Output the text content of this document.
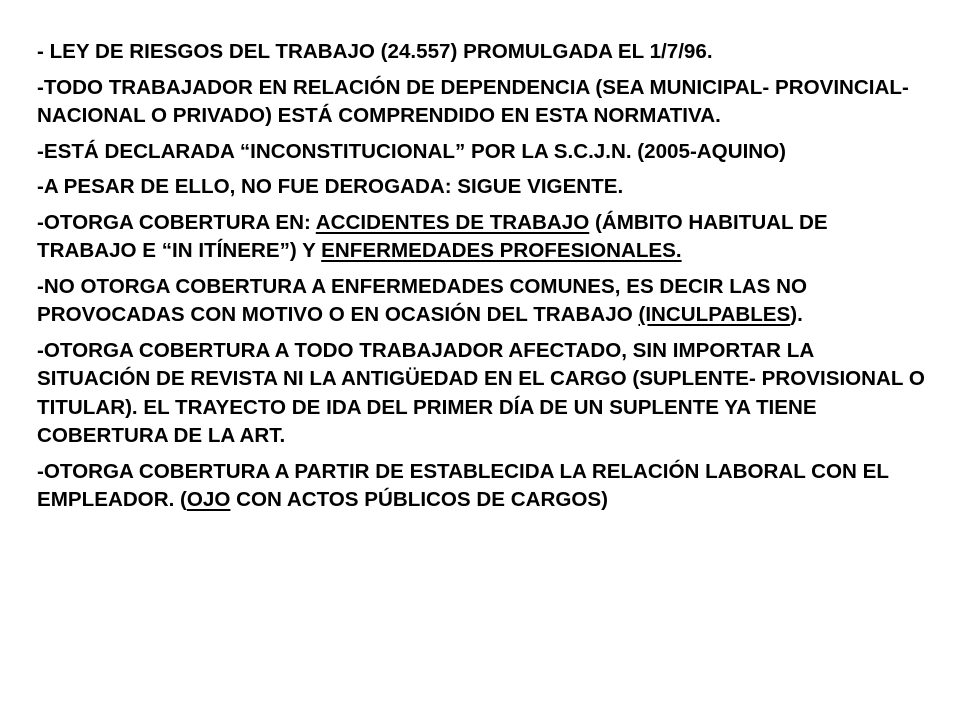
- LEY DE RIESGOS DEL TRABAJO (24.557) PROMULGADA EL 1/7/96.

-TODO TRABAJADOR EN RELACIÓN DE DEPENDENCIA (SEA MUNICIPAL- PROVINCIAL- NACIONAL O PRIVADO) ESTÁ COMPRENDIDO EN ESTA NORMATIVA.

-ESTÁ DECLARADA “INCONSTITUCIONAL” POR LA S.C.J.N. (2005-AQUINO)

-A PESAR DE ELLO, NO FUE DEROGADA: SIGUE VIGENTE.

-OTORGA COBERTURA EN: ACCIDENTES DE TRABAJO (ÁMBITO HABITUAL DE TRABAJO E “IN ITÍNERE”) Y ENFERMEDADES PROFESIONALES.

-NO OTORGA COBERTURA A ENFERMEDADES COMUNES, ES DECIR LAS NO PROVOCADAS CON MOTIVO O EN OCASIÓN DEL TRABAJO (INCULPABLES).

-OTORGA COBERTURA A TODO TRABAJADOR AFECTADO, SIN IMPORTAR LA SITUACIÓN DE REVISTA NI LA ANTIGÜEDAD EN EL CARGO (SUPLENTE- PROVISIONAL O TITULAR). EL TRAYECTO DE IDA DEL PRIMER DÍA DE UN SUPLENTE YA TIENE COBERTURA DE LA ART.

-OTORGA COBERTURA A PARTIR DE ESTABLECIDA LA RELACIÓN LABORAL CON EL EMPLEADOR. (OJO CON ACTOS PÚBLICOS DE CARGOS)
